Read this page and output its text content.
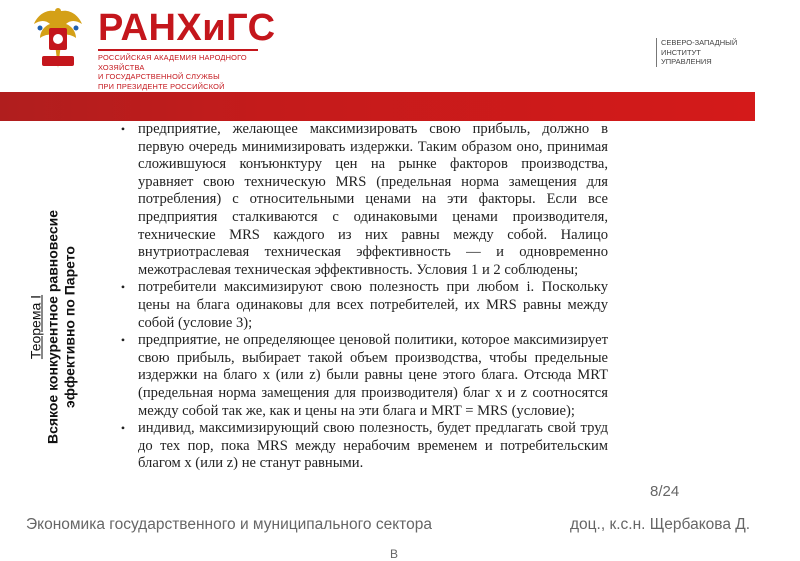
РАНХиГС
РОССИЙСКАЯ АКАДЕМИЯ НАРОДНОГО ХОЗЯЙСТВА
И ГОСУДАРСТВЕННОЙ СЛУЖБЫ
ПРИ ПРЕЗИДЕНТЕ РОССИЙСКОЙ
СЕВЕРО-ЗАПАДНЫЙ
ИНСТИТУТ
УПРАВЛЕНИЯ
Теорема I Всякое конкурентное равновесие эффективно по Парето
• предприятие, желающее максимизировать свою прибыль, должно в первую очередь минимизировать издержки. Таким образом оно, принимая сложившуюся конъюнктуру цен на рынке факторов производства, уравняет свою техническую MRS (предельная норма замещения для потребления) с относительными ценами на эти факторы. Если все предприятия сталкиваются с одинаковыми ценами производителя, технические MRS каждого из них равны между собой. Налицо внутриотраслевая техническая эффективность — и одновременно межотраслевая техническая эффективность. Условия 1 и 2 соблюдены;
• потребители максимизируют свою полезность при любом i. Поскольку цены на блага одинаковы для всех потребителей, их MRS равны между собой (условие 3);
• предприятие, не определяющее ценовой политики, которое максимизирует свою прибыль, выбирает такой объем производства, чтобы предельные издержки на благо x (или z) были равны цене этого блага. Отсюда MRT (предельная норма замещения для производителя) благ x и z соотносятся между собой так же, как и цены на эти блага и MRT = MRS (условие);
• индивид, максимизирующий свою полезность, будет предлагать свой труд до тех пор, пока MRS между нерабочим временем и потребительским благом x (или z) не станут равными.
8/24
Экономика государственного и муниципального сектора	доц., к.с.н. Щербакова Д.
В
